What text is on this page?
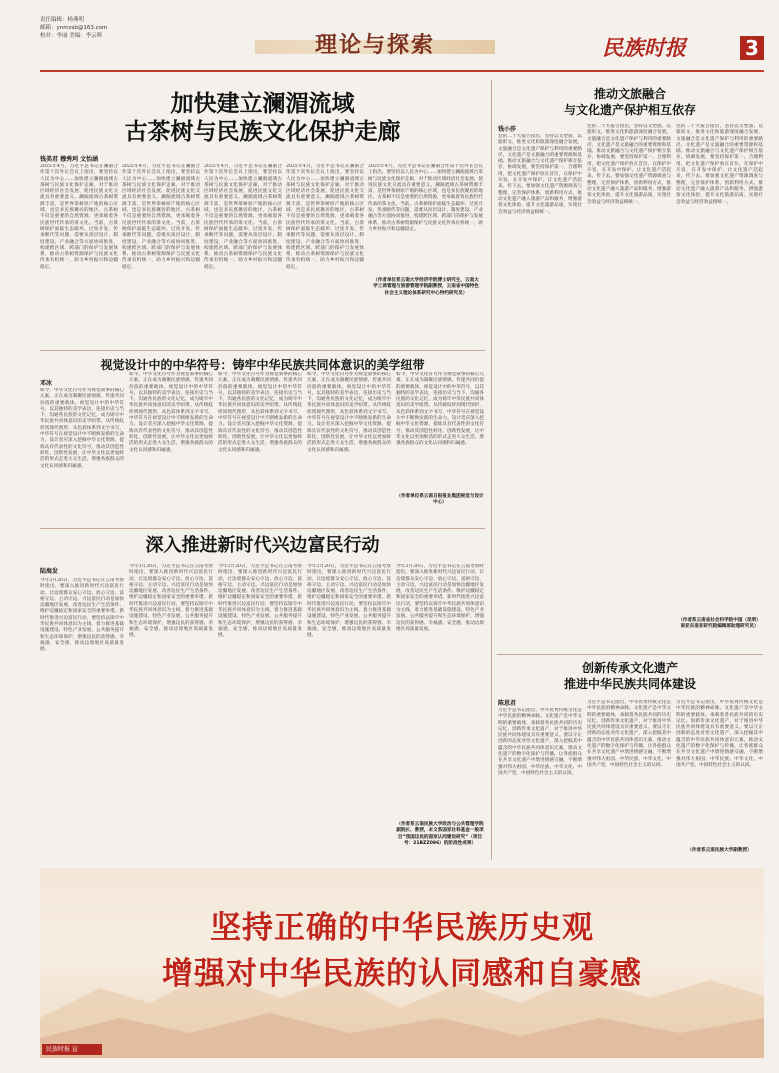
责任编辑：杨燕明
邮箱：ynmzsb@163.com
校对：李丽 美编：李云辉	理论与探索	民族时报	3
加快建立澜湄流域
古茶树与民族文化保护走廊
钱美君 穆秀珂 文怡涵
2025年4月，习近平总书记在澜湄合作第十次外长会议上指出，要坚持以人民为中心……加快建立澜湄流域古茶树与民族文化保护走廊，对于推动区域经济社会发展、促进民族文化交流具有重要意义。澜湄流域古茶树资源丰富，是世界茶树原产地的核心区域，也是多民族聚居的地区。古茶树不仅是重要的自然资源，更承载着各民族世代传承的茶文化。当前，古茶树保护面临生态破坏、过度开发、传承断代等问题，需要从顶层设计、制度建设、产业融合等方面协同推进，构建跨区域、跨部门的保护与发展体系，推动古茶树资源保护与民族文化传承有机统一，助力乡村振兴和边疆稳定。
2025年4月，习近平总书记在澜湄合作第十次外长会议上指出，要坚持以人民为中心……加快建立澜湄流域古茶树与民族文化保护走廊，对于推动区域经济社会发展、促进民族文化交流具有重要意义。澜湄流域古茶树资源丰富，是世界茶树原产地的核心区域，也是多民族聚居的地区。古茶树不仅是重要的自然资源，更承载着各民族世代传承的茶文化。当前，古茶树保护面临生态破坏、过度开发、传承断代等问题，需要从顶层设计、制度建设、产业融合等方面协同推进，构建跨区域、跨部门的保护与发展体系，推动古茶树资源保护与民族文化传承有机统一，助力乡村振兴和边疆稳定。
2025年4月，习近平总书记在澜湄合作第十次外长会议上指出，要坚持以人民为中心……加快建立澜湄流域古茶树与民族文化保护走廊，对于推动区域经济社会发展、促进民族文化交流具有重要意义。澜湄流域古茶树资源丰富，是世界茶树原产地的核心区域，也是多民族聚居的地区。古茶树不仅是重要的自然资源，更承载着各民族世代传承的茶文化。当前，古茶树保护面临生态破坏、过度开发、传承断代等问题，需要从顶层设计、制度建设、产业融合等方面协同推进，构建跨区域、跨部门的保护与发展体系，推动古茶树资源保护与民族文化传承有机统一，助力乡村振兴和边疆稳定。
2025年4月，习近平总书记在澜湄合作第十次外长会议上指出，要坚持以人民为中心……加快建立澜湄流域古茶树与民族文化保护走廊，对于推动区域经济社会发展、促进民族文化交流具有重要意义。澜湄流域古茶树资源丰富，是世界茶树原产地的核心区域，也是多民族聚居的地区。古茶树不仅是重要的自然资源，更承载着各民族世代传承的茶文化。当前，古茶树保护面临生态破坏、过度开发、传承断代等问题，需要从顶层设计、制度建设、产业融合等方面协同推进，构建跨区域、跨部门的保护与发展体系，推动古茶树资源保护与民族文化传承有机统一，助力乡村振兴和边疆稳定。
2025年4月，习近平总书记在澜湄合作第十次外长会议上指出，要坚持以人民为中心……加快建立澜湄流域古茶树与民族文化保护走廊，对于推动区域经济社会发展、促进民族文化交流具有重要意义。澜湄流域古茶树资源丰富，是世界茶树原产地的核心区域，也是多民族聚居的地区。古茶树不仅是重要的自然资源，更承载着各民族世代传承的茶文化。当前，古茶树保护面临生态破坏、过度开发、传承断代等问题，需要从顶层设计、制度建设、产业融合等方面协同推进，构建跨区域、跨部门的保护与发展体系，推动古茶树资源保护与民族文化传承有机统一，助力乡村振兴和边疆稳定。
（作者单位系云南大学经济学院博士研究生、云南大学工商管理与旅游管理学院副教授，云南省中国特色社会主义理论体系研究中心特约研究员）
视觉设计中的中华符号：铸牢中华民族共同体意识的美学纽带
邓冰
如今，中华文化符号作为视觉叙事的核心元素，正在成为凝聚民族情感、传递共同价值的重要载体。视觉设计中的中华符号，以其独特的美学表达，连接历史与当下，沟通各民族的文化记忆，成为铸牢中华民族共同体意识的美学纽带。从传统纹样到现代图形，从色彩体系到文字书写，中华符号在视觉设计中不断焕发新的生命力。设计者应深入挖掘中华文化资源，提炼具有代表性的文化符号，推动其创造性转化、创新性发展，让中华文化以更加鲜活的形式走进大众生活，增强各族群众的文化认同感和归属感。
如今，中华文化符号作为视觉叙事的核心元素，正在成为凝聚民族情感、传递共同价值的重要载体。视觉设计中的中华符号，以其独特的美学表达，连接历史与当下，沟通各民族的文化记忆，成为铸牢中华民族共同体意识的美学纽带。从传统纹样到现代图形，从色彩体系到文字书写，中华符号在视觉设计中不断焕发新的生命力。设计者应深入挖掘中华文化资源，提炼具有代表性的文化符号，推动其创造性转化、创新性发展，让中华文化以更加鲜活的形式走进大众生活，增强各族群众的文化认同感和归属感。
如今，中华文化符号作为视觉叙事的核心元素，正在成为凝聚民族情感、传递共同价值的重要载体。视觉设计中的中华符号，以其独特的美学表达，连接历史与当下，沟通各民族的文化记忆，成为铸牢中华民族共同体意识的美学纽带。从传统纹样到现代图形，从色彩体系到文字书写，中华符号在视觉设计中不断焕发新的生命力。设计者应深入挖掘中华文化资源，提炼具有代表性的文化符号，推动其创造性转化、创新性发展，让中华文化以更加鲜活的形式走进大众生活，增强各族群众的文化认同感和归属感。
如今，中华文化符号作为视觉叙事的核心元素，正在成为凝聚民族情感、传递共同价值的重要载体。视觉设计中的中华符号，以其独特的美学表达，连接历史与当下，沟通各民族的文化记忆，成为铸牢中华民族共同体意识的美学纽带。从传统纹样到现代图形，从色彩体系到文字书写，中华符号在视觉设计中不断焕发新的生命力。设计者应深入挖掘中华文化资源，提炼具有代表性的文化符号，推动其创造性转化、创新性发展，让中华文化以更加鲜活的形式走进大众生活，增强各族群众的文化认同感和归属感。
如今，中华文化符号作为视觉叙事的核心元素，正在成为凝聚民族情感、传递共同价值的重要载体。视觉设计中的中华符号，以其独特的美学表达，连接历史与当下，沟通各民族的文化记忆，成为铸牢中华民族共同体意识的美学纽带。从传统纹样到现代图形，从色彩体系到文字书写，中华符号在视觉设计中不断焕发新的生命力。设计者应深入挖掘中华文化资源，提炼具有代表性的文化符号，推动其创造性转化、创新性发展，让中华文化以更加鲜活的形式走进大众生活，增强各族群众的文化认同感和归属感。
（作者单位系云南日报报业集团视觉与设计中心）
深入推进新时代兴边富民行动
陆海发
今年3月20日，习近平总书记在云南考察时指出，要深入推进新时代兴边富民行动，让边境群众安心守边、放心守边、富裕守边、主动守边。兴边富民行动是加快边疆地区发展、改善边民生产生活条件、维护边疆稳定和国家安全的重要举措。新时代推进兴边富民行动，要坚持以铸牢中华民族共同体意识为主线，着力推进基础设施建设、特色产业发展、公共服务提升和生态环境保护，增强边民的获得感、幸福感、安全感，推动边境地区高质量发展。
今年3月20日，习近平总书记在云南考察时指出，要深入推进新时代兴边富民行动，让边境群众安心守边、放心守边、富裕守边、主动守边。兴边富民行动是加快边疆地区发展、改善边民生产生活条件、维护边疆稳定和国家安全的重要举措。新时代推进兴边富民行动，要坚持以铸牢中华民族共同体意识为主线，着力推进基础设施建设、特色产业发展、公共服务提升和生态环境保护，增强边民的获得感、幸福感、安全感，推动边境地区高质量发展。
今年3月20日，习近平总书记在云南考察时指出，要深入推进新时代兴边富民行动，让边境群众安心守边、放心守边、富裕守边、主动守边。兴边富民行动是加快边疆地区发展、改善边民生产生活条件、维护边疆稳定和国家安全的重要举措。新时代推进兴边富民行动，要坚持以铸牢中华民族共同体意识为主线，着力推进基础设施建设、特色产业发展、公共服务提升和生态环境保护，增强边民的获得感、幸福感、安全感，推动边境地区高质量发展。
今年3月20日，习近平总书记在云南考察时指出，要深入推进新时代兴边富民行动，让边境群众安心守边、放心守边、富裕守边、主动守边。兴边富民行动是加快边疆地区发展、改善边民生产生活条件、维护边疆稳定和国家安全的重要举措。新时代推进兴边富民行动，要坚持以铸牢中华民族共同体意识为主线，着力推进基础设施建设、特色产业发展、公共服务提升和生态环境保护，增强边民的获得感、幸福感、安全感，推动边境地区高质量发展。
今年3月20日，习近平总书记在云南考察时指出，要深入推进新时代兴边富民行动，让边境群众安心守边、放心守边、富裕守边、主动守边。兴边富民行动是加快边疆地区发展、改善边民生产生活条件、维护边疆稳定和国家安全的重要举措。新时代推进兴边富民行动，要坚持以铸牢中华民族共同体意识为主线，着力推进基础设施建设、特色产业发展、公共服务提升和生态环境保护，增强边民的获得感、幸福感、安全感，推动边境地区高质量发展。
（作者系云南民族大学政治与公共管理学院副院长、教授，本文系国家社科基金一般项目“我国边民的国家认同建设研究”（项目号：21BZZ096）的阶段性成果）
推动文旅融合
与文化遗产保护相互依存
钱小莎
党的二十大报告指出，坚持以文塑旅、以旅彰文，推进文化和旅游深度融合发展。文旅融合是文化遗产保护与利用的重要路径，文化遗产是文旅融合的重要资源和基础。推动文旅融合与文化遗产保护相互依存、协调发展，要坚持保护第一、合理利用，把文化遗产保护放在首位，在保护中开发，在开发中保护，让文化遗产活起来、传下去。要加强文化遗产资源调查与整理，完善保护体系，创新利用方式，推动文化遗产融入旅游产品和服务，增强游客文化体验，提升文化旅游品质，实现社会效益与经济效益相统一。
党的二十大报告指出，坚持以文塑旅、以旅彰文，推进文化和旅游深度融合发展。文旅融合是文化遗产保护与利用的重要路径，文化遗产是文旅融合的重要资源和基础。推动文旅融合与文化遗产保护相互依存、协调发展，要坚持保护第一、合理利用，把文化遗产保护放在首位，在保护中开发，在开发中保护，让文化遗产活起来、传下去。要加强文化遗产资源调查与整理，完善保护体系，创新利用方式，推动文化遗产融入旅游产品和服务，增强游客文化体验，提升文化旅游品质，实现社会效益与经济效益相统一。
党的二十大报告指出，坚持以文塑旅、以旅彰文，推进文化和旅游深度融合发展。文旅融合是文化遗产保护与利用的重要路径，文化遗产是文旅融合的重要资源和基础。推动文旅融合与文化遗产保护相互依存、协调发展，要坚持保护第一、合理利用，把文化遗产保护放在首位，在保护中开发，在开发中保护，让文化遗产活起来、传下去。要加强文化遗产资源调查与整理，完善保护体系，创新利用方式，推动文化遗产融入旅游产品和服务，增强游客文化体验，提升文化旅游品质，实现社会效益与经济效益相统一。
（作者系云南省社会科学院中国（昆明）南亚东南亚研究院编辑部助理研究员）
创新传承文化遗产
推进中华民族共同体建设
陈思君
习近平总书记指出，中华优秀传统文化是中华民族的精神命脉。文化遗产是中华文明的重要载体，承载着各民族共同的历史记忆。创新传承文化遗产，对于推进中华民族共同体建设具有重要意义。要以守正创新的态度对待文化遗产，深入挖掘其中蕴含的中华民族共同体意识元素，推动文化遗产的数字化保护与传播，让各族群众在共享文化遗产中增进情感交融，不断增强对伟大祖国、中华民族、中华文化、中国共产党、中国特色社会主义的认同。
习近平总书记指出，中华优秀传统文化是中华民族的精神命脉。文化遗产是中华文明的重要载体，承载着各民族共同的历史记忆。创新传承文化遗产，对于推进中华民族共同体建设具有重要意义。要以守正创新的态度对待文化遗产，深入挖掘其中蕴含的中华民族共同体意识元素，推动文化遗产的数字化保护与传播，让各族群众在共享文化遗产中增进情感交融，不断增强对伟大祖国、中华民族、中华文化、中国共产党、中国特色社会主义的认同。
习近平总书记指出，中华优秀传统文化是中华民族的精神命脉。文化遗产是中华文明的重要载体，承载着各民族共同的历史记忆。创新传承文化遗产，对于推进中华民族共同体建设具有重要意义。要以守正创新的态度对待文化遗产，深入挖掘其中蕴含的中华民族共同体意识元素，推动文化遗产的数字化保护与传播，让各族群众在共享文化遗产中增进情感交融，不断增强对伟大祖国、中华民族、中华文化、中国共产党、中国特色社会主义的认同。
（作者系云南民族大学副教授）
坚持正确的中华民族历史观
增强对中华民族的认同感和自豪感
民族时报 宣
